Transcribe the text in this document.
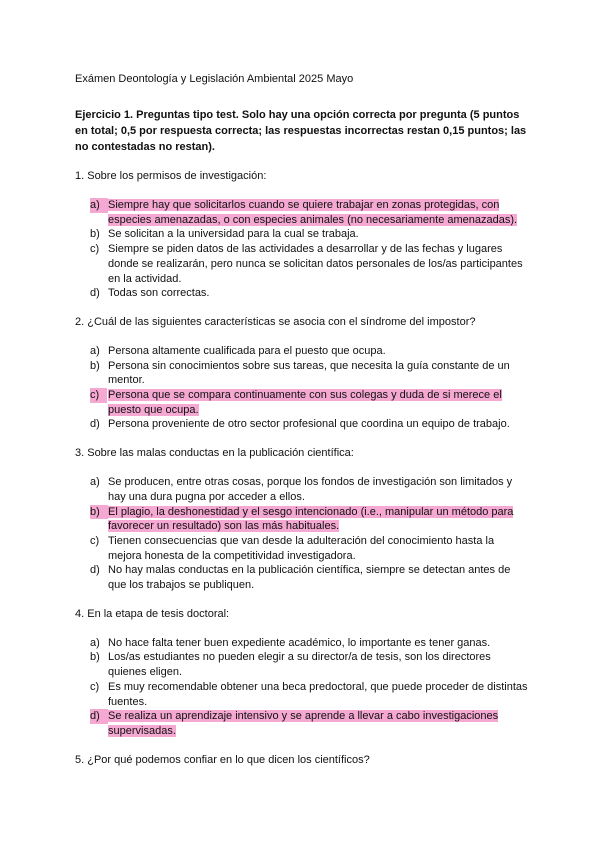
Exámen Deontología y Legislación Ambiental 2025 Mayo

Ejercicio 1. Preguntas tipo test. Solo hay una opción correcta por pregunta (5 puntos en total; 0,5 por respuesta correcta; las respuestas incorrectas restan 0,15 puntos; las no contestadas no restan).

1. Sobre los permisos de investigación:

a) Siempre hay que solicitarlos cuando se quiere trabajar en zonas protegidas, con especies amenazadas, o con especies animales (no necesariamente amenazadas).
b) Se solicitan a la universidad para la cual se trabaja.
c) Siempre se piden datos de las actividades a desarrollar y de las fechas y lugares donde se realizarán, pero nunca se solicitan datos personales de los/as participantes en la actividad.
d) Todas son correctas.

2. ¿Cuál de las siguientes características se asocia con el síndrome del impostor?

a) Persona altamente cualificada para el puesto que ocupa.
b) Persona sin conocimientos sobre sus tareas, que necesita la guía constante de un mentor.
c) Persona que se compara continuamente con sus colegas y duda de si merece el puesto que ocupa.
d) Persona proveniente de otro sector profesional que coordina un equipo de trabajo.

3. Sobre las malas conductas en la publicación científica:

a) Se producen, entre otras cosas, porque los fondos de investigación son limitados y hay una dura pugna por acceder a ellos.
b) El plagio, la deshonestidad y el sesgo intencionado (i.e., manipular un método para favorecer un resultado) son las más habituales.
c) Tienen consecuencias que van desde la adulteración del conocimiento hasta la mejora honesta de la competitividad investigadora.
d) No hay malas conductas en la publicación científica, siempre se detectan antes de que los trabajos se publiquen.

4. En la etapa de tesis doctoral:

a) No hace falta tener buen expediente académico, lo importante es tener ganas.
b) Los/as estudiantes no pueden elegir a su director/a de tesis, son los directores quienes eligen.
c) Es muy recomendable obtener una beca predoctoral, que puede proceder de distintas fuentes.
d) Se realiza un aprendizaje intensivo y se aprende a llevar a cabo investigaciones supervisadas.

5. ¿Por qué podemos confiar en lo que dicen los científicos?
